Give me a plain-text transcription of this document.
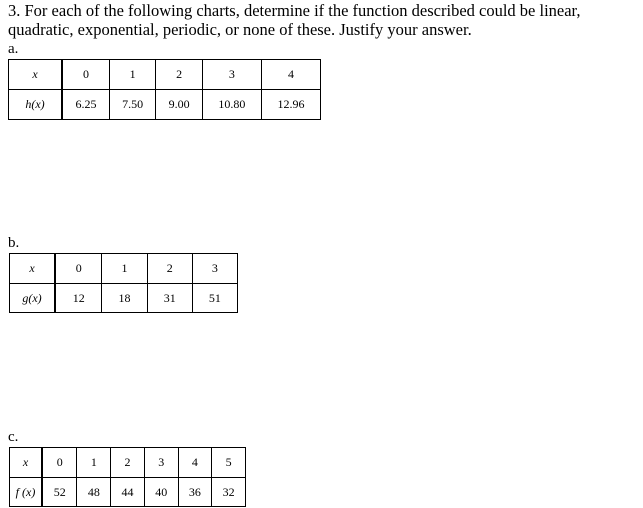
3. For each of the following charts, determine if the function described could be linear, quadratic, exponential, periodic, or none of these. Justify your answer.

a.
x	0	1	2	3	4
h(x)	6.25	7.50	9.00	10.80	12.96
b.
x	0	1	2	3
g(x)	12	18	31	51
c.
x	0	1	2	3	4	5
f (x)	52	48	44	40	36	32
